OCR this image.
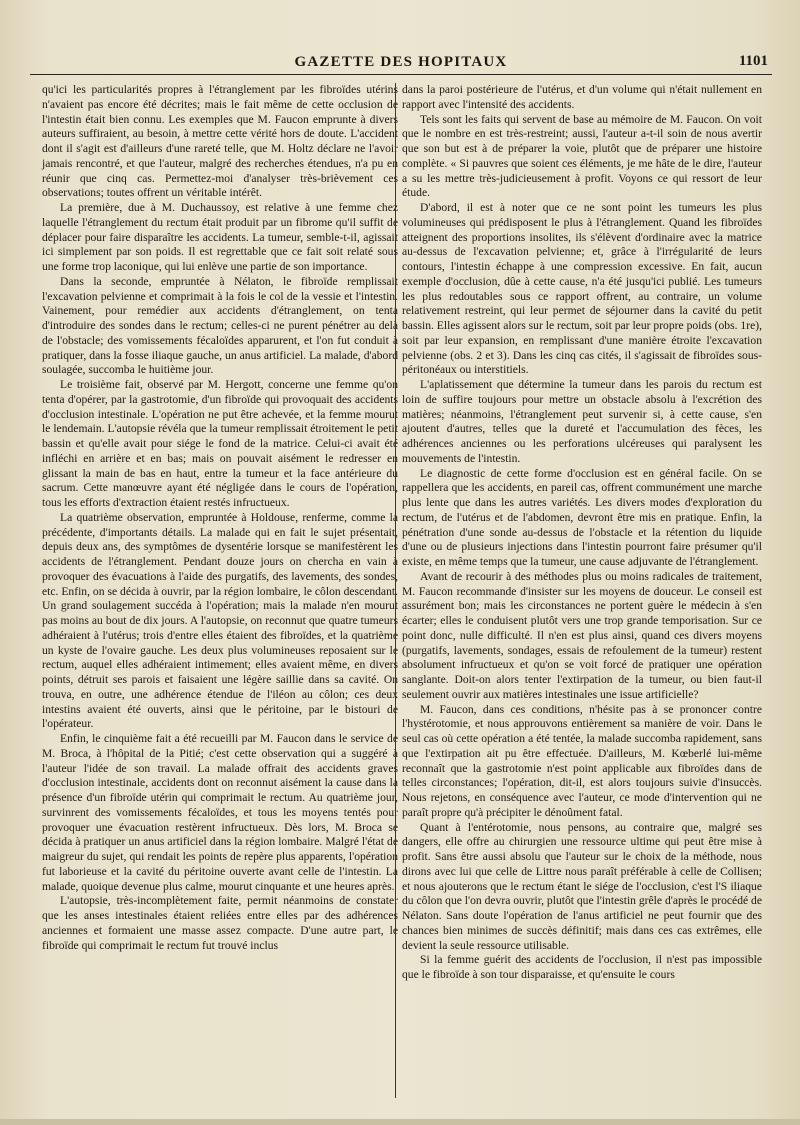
GAZETTE DES HOPITAUX	1101

qu'ici les particularités propres à l'étranglement par les fibroïdes utérins n'avaient pas encore été décrites; mais le fait même de cette occlusion de l'intestin était bien connu. Les exemples que M. Faucon emprunte à divers auteurs suffiraient, au besoin, à mettre cette vérité hors de doute. L'accident dont il s'agit est d'ailleurs d'une rareté telle, que M. Holtz déclare ne l'avoir jamais rencontré, et que l'auteur, malgré des recherches étendues, n'a pu en réunir que cinq cas. Permettez-moi d'analyser très-brièvement ces observations; toutes offrent un véritable intérêt.

La première, due à M. Duchaussoy, est relative à une femme chez laquelle l'étranglement du rectum était produit par un fibrome qu'il suffit de déplacer pour faire disparaître les accidents. La tumeur, semble-t-il, agissait ici simplement par son poids. Il est regrettable que ce fait soit relaté sous une forme trop laconique, qui lui enlève une partie de son importance.

Dans la seconde, empruntée à Nélaton, le fibroïde remplissait l'excavation pelvienne et comprimait à la fois le col de la vessie et l'intestin. Vainement, pour remédier aux accidents d'étranglement, on tenta d'introduire des sondes dans le rectum; celles-ci ne purent pénétrer au delà de l'obstacle; des vomissements fécaloïdes apparurent, et l'on fut conduit à pratiquer, dans la fosse iliaque gauche, un anus artificiel. La malade, d'abord soulagée, succomba le huitième jour.

Le troisième fait, observé par M. Hergott, concerne une femme qu'on tenta d'opérer, par la gastrotomie, d'un fibroïde qui provoquait des accidents d'occlusion intestinale. L'opération ne put être achevée, et la femme mourut le lendemain. L'autopsie révéla que la tumeur remplissait étroitement le petit bassin et qu'elle avait pour siége le fond de la matrice. Celui-ci avait été infléchi en arrière et en bas; mais on pouvait aisément le redresser en glissant la main de bas en haut, entre la tumeur et la face antérieure du sacrum. Cette manœuvre ayant été négligée dans le cours de l'opération, tous les efforts d'extraction étaient restés infructueux.

La quatrième observation, empruntée à Holdouse, renferme, comme la précédente, d'importants détails. La malade qui en fait le sujet présentait, depuis deux ans, des symptômes de dysentérie lorsque se manifestèrent les accidents de l'étranglement. Pendant douze jours on chercha en vain à provoquer des évacuations à l'aide des purgatifs, des lavements, des sondes, etc. Enfin, on se décida à ouvrir, par la région lombaire, le côlon descendant. Un grand soulagement succéda à l'opération; mais la malade n'en mourut pas moins au bout de dix jours. A l'autopsie, on reconnut que quatre tumeurs adhéraient à l'utérus; trois d'entre elles étaient des fibroïdes, et la quatrième un kyste de l'ovaire gauche. Les deux plus volumineuses reposaient sur le rectum, auquel elles adhéraient intimement; elles avaient même, en divers points, détruit ses parois et faisaient une légère saillie dans sa cavité. On trouva, en outre, une adhérence étendue de l'iléon au côlon; ces deux intestins avaient été ouverts, ainsi que le péritoine, par le bistouri de l'opérateur.

Enfin, le cinquième fait a été recueilli par M. Faucon dans le service de M. Broca, à l'hôpital de la Pitié; c'est cette observation qui a suggéré à l'auteur l'idée de son travail. La malade offrait des accidents graves d'occlusion intestinale, accidents dont on reconnut aisément la cause dans la présence d'un fibroïde utérin qui comprimait le rectum. Au quatrième jour, survinrent des vomissements fécaloïdes, et tous les moyens tentés pour provoquer une évacuation restèrent infructueux. Dès lors, M. Broca se décida à pratiquer un anus artificiel dans la région lombaire. Malgré l'état de maigreur du sujet, qui rendait les points de repère plus apparents, l'opération fut laborieuse et la cavité du péritoine ouverte avant celle de l'intestin. La malade, quoique devenue plus calme, mourut cinquante et une heures après.

L'autopsie, très-incomplètement faite, permit néanmoins de constater que les anses intestinales étaient reliées entre elles par des adhérences anciennes et formaient une masse assez compacte. D'une autre part, le fibroïde qui comprimait le rectum fut trouvé inclus

dans la paroi postérieure de l'utérus, et d'un volume qui n'était nullement en rapport avec l'intensité des accidents.

Tels sont les faits qui servent de base au mémoire de M. Faucon. On voit que le nombre en est très-restreint; aussi, l'auteur a-t-il soin de nous avertir que son but est à de préparer la voie, plutôt que de préparer une histoire complète. « Si pauvres que soient ces éléments, je me hâte de le dire, l'auteur a su les mettre très-judicieusement à profit. Voyons ce qui ressort de leur étude.

D'abord, il est à noter que ce ne sont point les tumeurs les plus volumineuses qui prédisposent le plus à l'étranglement. Quand les fibroïdes atteignent des proportions insolites, ils s'élèvent d'ordinaire avec la matrice au-dessus de l'excavation pelvienne; et, grâce à l'irrégularité de leurs contours, l'intestin échappe à une compression excessive. En fait, aucun exemple d'occlusion, dûe à cette cause, n'a été jusqu'ici publié. Les tumeurs les plus redoutables sous ce rapport offrent, au contraire, un volume relativement restreint, qui leur permet de séjourner dans la cavité du petit bassin. Elles agissent alors sur le rectum, soit par leur propre poids (obs. 1re), soit par leur expansion, en remplissant d'une manière étroite l'excavation pelvienne (obs. 2 et 3). Dans les cinq cas cités, il s'agissait de fibroïdes sous-péritonéaux ou interstitiels.

L'aplatissement que détermine la tumeur dans les parois du rectum est loin de suffire toujours pour mettre un obstacle absolu à l'excrétion des matières; néanmoins, l'étranglement peut survenir si, à cette cause, s'en ajoutent d'autres, telles que la dureté et l'accumulation des fèces, les adhérences anciennes ou les perforations ulcéreuses qui paralysent les mouvements de l'intestin.

Le diagnostic de cette forme d'occlusion est en général facile. On se rappellera que les accidents, en pareil cas, offrent communément une marche plus lente que dans les autres variétés. Les divers modes d'exploration du rectum, de l'utérus et de l'abdomen, devront être mis en pratique. Enfin, la pénétration d'une sonde au-dessus de l'obstacle et la rétention du liquide d'une ou de plusieurs injections dans l'intestin pourront faire présumer qu'il existe, en même temps que la tumeur, une cause adjuvante de l'étranglement.

Avant de recourir à des méthodes plus ou moins radicales de traitement, M. Faucon recommande d'insister sur les moyens de douceur. Le conseil est assurément bon; mais les circonstances ne portent guère le médecin à s'en écarter; elles le conduisent plutôt vers une trop grande temporisation. Sur ce point donc, nulle difficulté. Il n'en est plus ainsi, quand ces divers moyens (purgatifs, lavements, sondages, essais de refoulement de la tumeur) restent absolument infructueux et qu'on se voit forcé de pratiquer une opération sanglante. Doit-on alors tenter l'extirpation de la tumeur, ou bien faut-il seulement ouvrir aux matières intestinales une issue artificielle?

M. Faucon, dans ces conditions, n'hésite pas à se prononcer contre l'hystérotomie, et nous approuvons entièrement sa manière de voir. Dans le seul cas où cette opération a été tentée, la malade succomba rapidement, sans que l'extirpation ait pu être effectuée. D'ailleurs, M. Kœberlé lui-même reconnaît que la gastrotomie n'est point applicable aux fibroïdes dans de telles circonstances; l'opération, dit-il, est alors toujours suivie d'insuccès. Nous rejetons, en conséquence avec l'auteur, ce mode d'intervention qui ne paraît propre qu'à précipiter le dénoûment fatal.

Quant à l'entérotomie, nous pensons, au contraire que, malgré ses dangers, elle offre au chirurgien une ressource ultime qui peut être mise à profit. Sans être aussi absolu que l'auteur sur le choix de la méthode, nous dirons avec lui que celle de Littre nous paraît préférable à celle de Collisen; et nous ajouterons que le rectum étant le siége de l'occlusion, c'est l'S iliaque du côlon que l'on devra ouvrir, plutôt que l'intestin grêle d'après le procédé de Nélaton. Sans doute l'opération de l'anus artificiel ne peut fournir que des chances bien minimes de succès définitif; mais dans ces cas extrêmes, elle devient la seule ressource utilisable.

Si la femme guérit des accidents de l'occlusion, il n'est pas impossible que le fibroïde à son tour disparaisse, et qu'ensuite le cours
